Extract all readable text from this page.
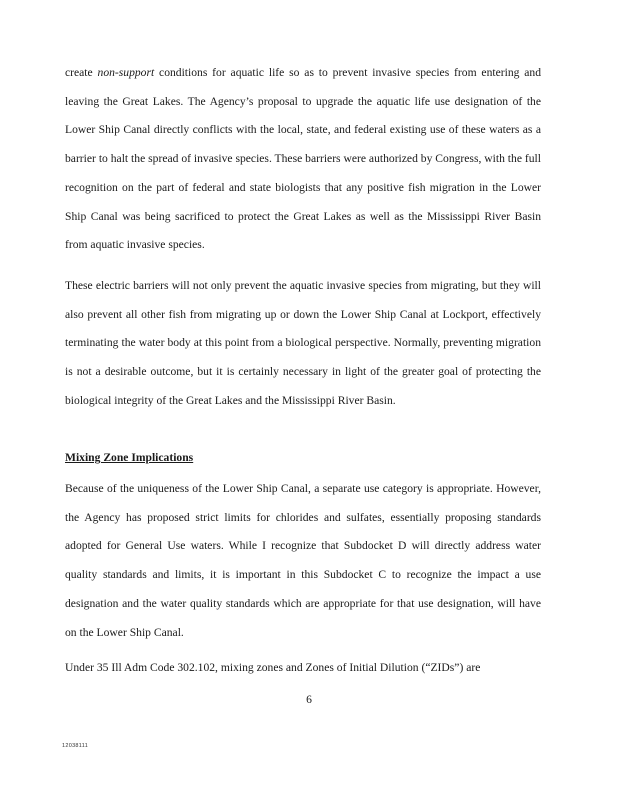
create non-support conditions for aquatic life so as to prevent invasive species from entering and leaving the Great Lakes. The Agency’s proposal to upgrade the aquatic life use designation of the Lower Ship Canal directly conflicts with the local, state, and federal existing use of these waters as a barrier to halt the spread of invasive species. These barriers were authorized by Congress, with the full recognition on the part of federal and state biologists that any positive fish migration in the Lower Ship Canal was being sacrificed to protect the Great Lakes as well as the Mississippi River Basin from aquatic invasive species.

These electric barriers will not only prevent the aquatic invasive species from migrating, but they will also prevent all other fish from migrating up or down the Lower Ship Canal at Lockport, effectively terminating the water body at this point from a biological perspective. Normally, preventing migration is not a desirable outcome, but it is certainly necessary in light of the greater goal of protecting the biological integrity of the Great Lakes and the Mississippi River Basin.

Mixing Zone Implications

Because of the uniqueness of the Lower Ship Canal, a separate use category is appropriate. However, the Agency has proposed strict limits for chlorides and sulfates, essentially proposing standards adopted for General Use waters. While I recognize that Subdocket D will directly address water quality standards and limits, it is important in this Subdocket C to recognize the impact a use designation and the water quality standards which are appropriate for that use designation, will have on the Lower Ship Canal.

Under 35 Ill Adm Code 302.102, mixing zones and Zones of Initial Dilution (“ZIDs”) are

6
12038111
